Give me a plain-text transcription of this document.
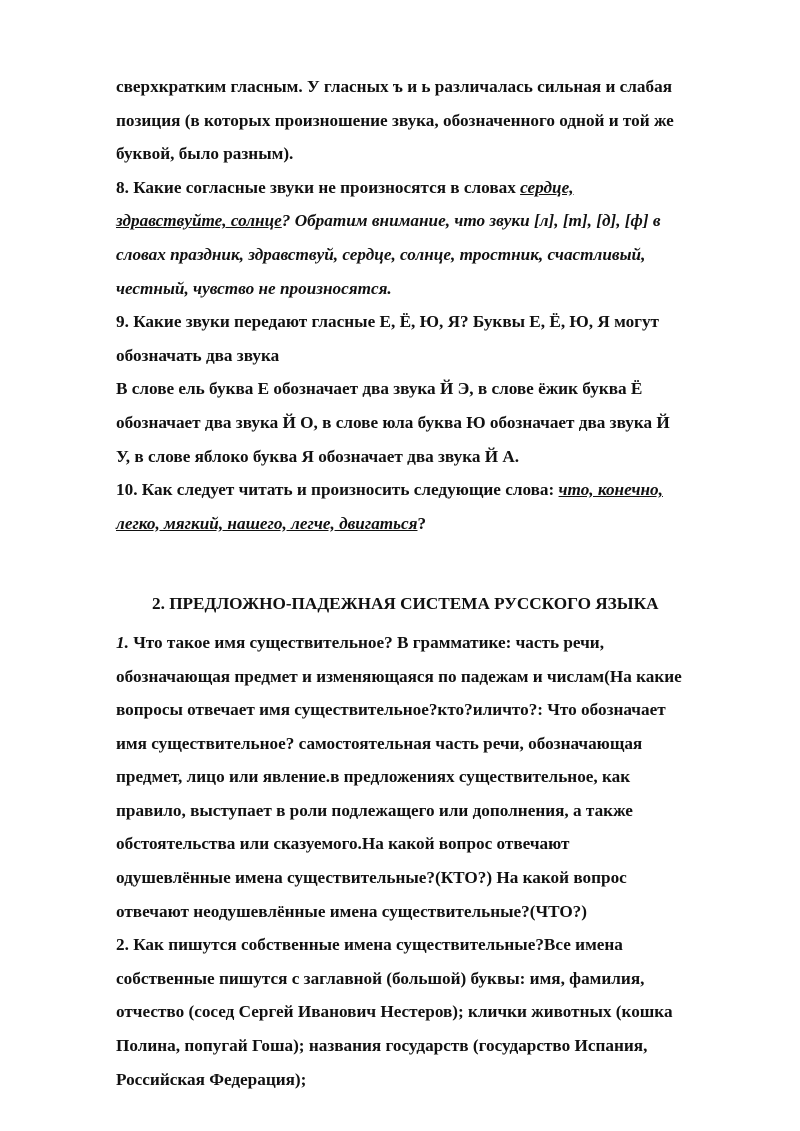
сверхкратким гласным. У гласных ъ и ь различалась сильная и слабая
позиция (в которых произношение звука, обозначенного одной и той же
буквой, было разным).
8. Какие согласные звуки не произносятся в словах сердце,
здравствуйте, солнце? Обратим внимание, что звуки [л], [т], [д], [ф] в
словах праздник, здравствуй, сердце, солнце, тростник, счастливый,
честный, чувство не произносятся.
9. Какие звуки передают гласные Е, Ё, Ю, Я? Буквы Е, Ё, Ю, Я могут
обозначать два звука
В слове ель буква Е обозначает два звука Й Э, в слове ёжик буква Ё
обозначает два звука Й О, в слове юла буква Ю обозначает два звука Й
У, в слове яблоко буква Я обозначает два звука Й А.
10. Как следует читать и произносить следующие слова: что, конечно,
легко, мягкий, нашего, легче, двигаться?
2. ПРЕДЛОЖНО-ПАДЕЖНАЯ СИСТЕМА РУССКОГО ЯЗЫКА
1. Что такое имя существительное? В грамматике: часть речи,
обозначающая предмет и изменяющаяся по падежам и числам(На какие
вопросы отвечает имя существительное?кто?иличто?: Что обозначает
имя существительное? самостоятельная часть речи, обозначающая
предмет, лицо или явление.в предложениях существительное, как
правило, выступает в роли подлежащего или дополнения, а также
обстоятельства или сказуемого.На какой вопрос отвечают
одушевлённые имена существительные?(КТО?) На какой вопрос
отвечают неодушевлённые имена существительные?(ЧТО?)
2. Как пишутся собственные имена существительные?Все имена
собственные пишутся с заглавной (большой) буквы: имя, фамилия,
отчество (сосед Сергей Иванович Нестеров); клички животных (кошка
Полина, попугай Гоша); названия государств (государство Испания,
Российская Федерация);
